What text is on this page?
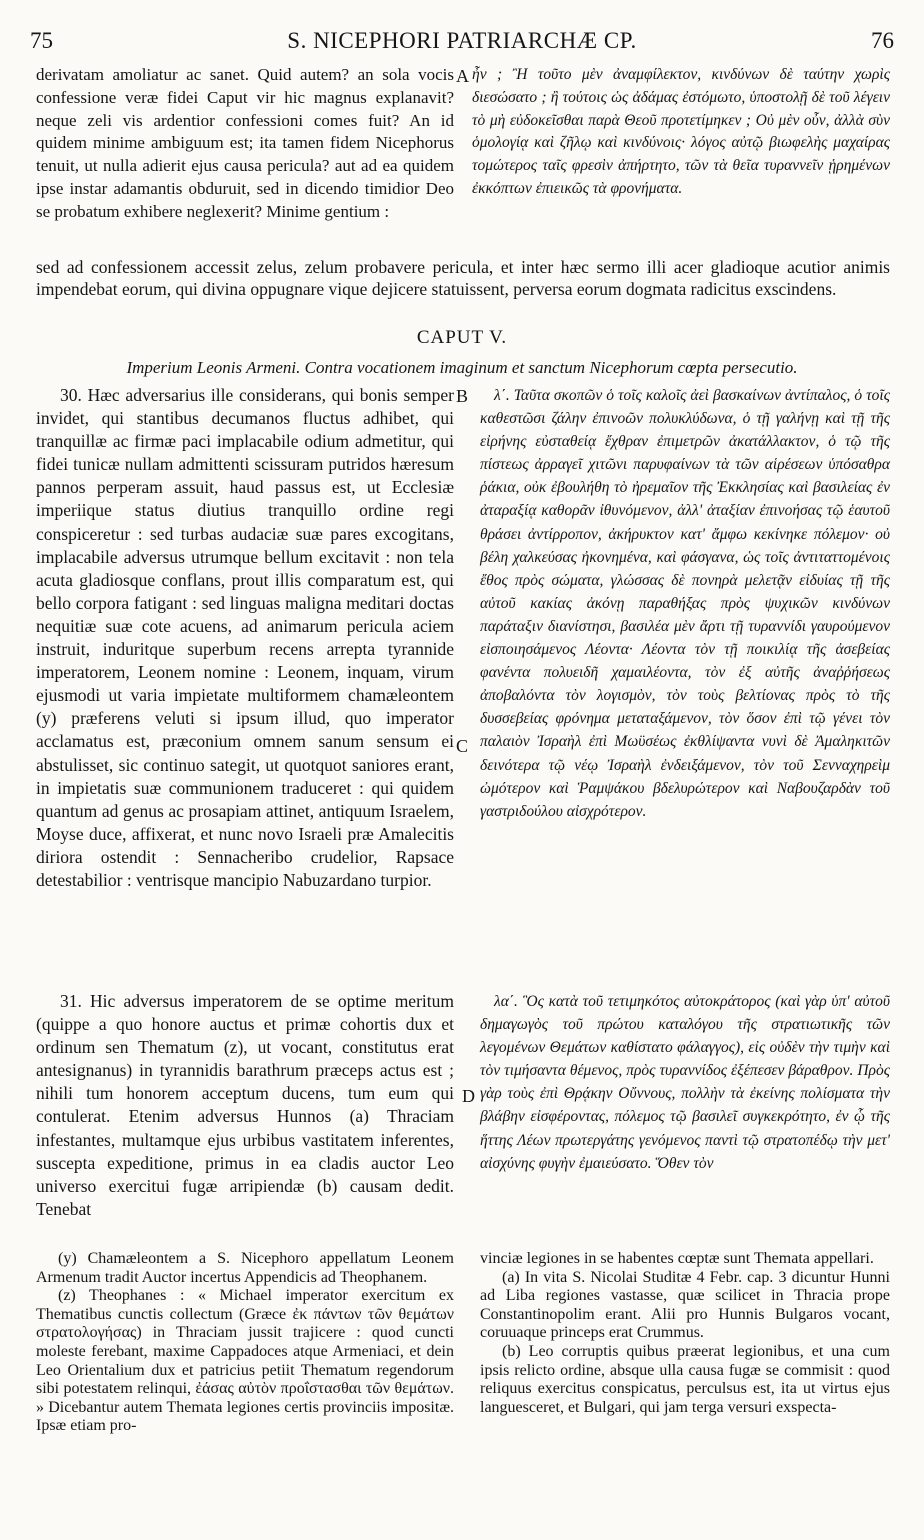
75	S. NICEPHORI PATRIARCHÆ CP.	76

derivatam amoliatur ac sanet. Quid autem? an sola vocis confessione veræ fidei Caput vir hic magnus explanavit? neque zeli vis ardentior confessioni comes fuit? An id quidem minime ambiguum est; ita tamen fidem Nicephorus tenuit, ut nulla adierit ejus causa pericula? aut ad ea quidem ipse instar adamantis obduruit, sed in dicendo timidior Deo se probatum exhibere neglexerit? Minime gentium :

A ἦν ; Ἢ τοῦτο μὲν ἀναμφίλεκτον, κινδύνων δὲ ταύτην χωρὶς διεσώσατο ; ἢ τούτοις ὡς ἀδάμας ἐστόμωτο, ὑποστολῇ δὲ τοῦ λέγειν τὸ μὴ εὐδοκεῖσθαι παρὰ Θεοῦ προτετίμηκεν ; Οὐ μὲν οὖν, ἀλλὰ σὺν ὁμολογίᾳ καὶ ζῆλῳ καὶ κινδύνοις· λόγος αὐτῷ βιωφελὴς μαχαίρας τομώτερος ταῖς φρεσὶν ἀπήρτητο, τῶν τὰ θεῖα τυραννεῖν ᾑρημένων ἐκκόπτων ἐπιεικῶς τὰ φρονήματα.

sed ad confessionem accessit zelus, zelum probavere pericula, et inter hæc sermo illi acer gladioque acutior animis impendebat eorum, qui divina oppugnare vique dejicere statuissent, perversa eorum dogmata radicitus exscindens.

CAPUT V.
Imperium Leonis Armeni. Contra vocationem imaginum et sanctum Nicephorum cœpta persecutio.

30. Hæc adversarius ille considerans, qui bonis semper invidet, qui stantibus decumanos fluctus adhibet, qui tranquillæ ac firmæ paci implacabile odium admetitur, qui fidei tunicæ nullam admittenti scissuram putridos hæresum pannos perperam assuit, haud passus est, ut Ecclesiæ imperiique status diutius tranquillo ordine regi conspiceretur : sed turbas audaciæ suæ pares excogitans, implacabile adversus utrumque bellum excitavit : non tela acuta gladiosque conflans, prout illis comparatum est, qui bello corpora fatigant : sed linguas maligna meditari doctas nequitiæ suæ cote acuens, ad animarum pericula aciem instruit, induritque superbum recens arrepta tyrannide imperatorem, Leonem nomine : Leonem, inquam, virum ejusmodi ut varia impietate multiformem chamæleontem (y) præferens veluti si ipsum illud, quo imperator acclamatus est, præconium omnem sanum sensum ei abstulisset, sic continuo sategit, ut quotquot saniores erant, in impietatis suæ communionem traduceret : qui quidem quantum ad genus ac prosapiam attinet, antiquum Israelem, Moyse duce, affixerat, et nunc novo Israeli præ Amalecitis diriora ostendit : Sennacheribo crudelior, Rapsace detestabilior : ventrisque mancipio Nabuzardano turpior.

B
C

λ΄. Ταῦτα σκοπῶν ὁ τοῖς καλοῖς ἀεὶ βασκαίνων ἀντίπαλος, ὁ τοῖς καθεστῶσι ζάλην ἐπινοῶν πολυκλύδωνα, ὁ τῇ γαλήνῃ καὶ τῇ τῆς εἰρήνης εὐσταθείᾳ ἔχθραν ἐπιμετρῶν ἀκατάλλακτον, ὁ τῷ τῆς πίστεως ἀρραγεῖ χιτῶνι παρυφαίνων τὰ τῶν αἱρέσεων ὑπόσαθρα ῥάκια, οὐκ ἐβουλήθη τὸ ἠρεμαῖον τῆς Ἐκκλησίας καὶ βασιλείας ἐν ἀταραξίᾳ καθορᾶν ἰθυνόμενον, ἀλλ' ἀταξίαν ἐπινοήσας τῷ ἑαυτοῦ θράσει ἀντίρροπον, ἀκήρυκτον κατ' ἄμφω κεκίνηκε πόλεμον· οὐ βέλη χαλκεύσας ἠκονημένα, καὶ φάσγανα, ὡς τοῖς ἀντιταττομένοις ἔθος πρὸς σώματα, γλώσσας δὲ πονηρὰ μελετᾷν εἰδυίας τῇ τῆς αὐτοῦ κακίας ἀκόνῃ παραθήξας πρὸς ψυχικῶν κινδύνων παράταξιν διανίστησι, βασιλέα μὲν ἄρτι τῇ τυραννίδι γαυρούμενον εἰσποιησάμενος Λέοντα· Λέοντα τὸν τῇ ποικιλίᾳ τῆς ἀσεβείας φανέντα πολυειδῆ χαμαιλέοντα, τὸν ἐξ αὐτῆς ἀναῤῥήσεως ἀποβαλόντα τὸν λογισμὸν, τὸν τοὺς βελτίονας πρὸς τὸ τῆς δυσσεβείας φρόνημα μεταταξάμενον, τὸν ὅσον ἐπὶ τῷ γένει τὸν παλαιὸν Ἰσραὴλ ἐπὶ Μωϋσέως ἐκθλίψαντα νυνὶ δὲ Ἀμαληκιτῶν δεινότερα τῷ νέῳ Ἰσραὴλ ἐνδειξάμενον, τὸν τοῦ Σενναχηρεὶμ ὠμότερον καὶ Ῥαμψάκου βδελυρώτερον καὶ Ναβουζαρδὰν τοῦ γαστριδούλου αἰσχρότερον.

31. Hic adversus imperatorem de se optime meritum (quippe a quo honore auctus et primæ cohortis dux et ordinum sen Thematum (z), ut vocant, constitutus erat antesignanus) in tyrannidis barathrum præceps actus est ; nihili tum honorem acceptum ducens, tum eum qui contulerat. Etenim adversus Hunnos (a) Thraciam infestantes, multamque ejus urbibus vastitatem inferentes, suscepta expeditione, primus in ea cladis auctor Leo universo exercitui fugæ arripiendæ (b) causam dedit. Tenebat

D

λα΄. Ὃς κατὰ τοῦ τετιμηκότος αὐτοκράτορος (καὶ γὰρ ὑπ' αὐτοῦ δημαγωγὸς τοῦ πρώτου καταλόγου τῆς στρατιωτικῆς τῶν λεγομένων Θεμάτων καθίστατο φάλαγγος), εἰς οὐδὲν τὴν τιμὴν καὶ τὸν τιμήσαντα θέμενος, πρὸς τυραννίδος ἐξέπεσεν βάραθρον. Πρὸς γὰρ τοὺς ἐπὶ Θρᾴκην Οὔννους, πολλὴν τὰ ἐκείνης πολίσματα τὴν βλάβην εἰσφέροντας, πόλεμος τῷ βασιλεῖ συγκεκρότητο, ἐν ᾧ τῆς ἥττης Λέων πρωτεργάτης γενόμενος παντὶ τῷ στρατοπέδῳ τὴν μετ' αἰσχύνης φυγὴν ἐμαιεύσατο. Ὅθεν τὸν

(y) Chamæleontem a S. Nicephoro appellatum Leonem Armenum tradit Auctor incertus Appendicis ad Theophanem.

(z) Theophanes : « Michael imperator exercitum ex Thematibus cunctis collectum (Græce ἐκ πάντων τῶν θεμάτων στρατολογήσας) in Thraciam jussit trajicere : quod cuncti moleste ferebant, maxime Cappadoces atque Armeniaci, et dein Leo Orientalium dux et patricius petiit Thematum regendorum sibi potestatem relinqui, ἐάσας αὐτὸν προΐστασθαι τῶν θεμάτων. » Dicebantur autem Themata legiones certis provinciis impositæ. Ipsæ etiam pro-

vinciæ legiones in se habentes cœptæ sunt Themata appellari.

(a) In vita S. Nicolai Studitæ 4 Febr. cap. 3 dicuntur Hunni ad Liba regiones vastasse, quæ scilicet in Thracia prope Constantinopolim erant. Alii pro Hunnis Bulgaros vocant, coruuaque princeps erat Crummus.

(b) Leo corruptis quibus præerat legionibus, et una cum ipsis relicto ordine, absque ulla causa fugæ se commisit : quod reliquus exercitus conspicatus, perculsus est, ita ut virtus ejus languesceret, et Bulgari, qui jam terga versuri exspecta-
